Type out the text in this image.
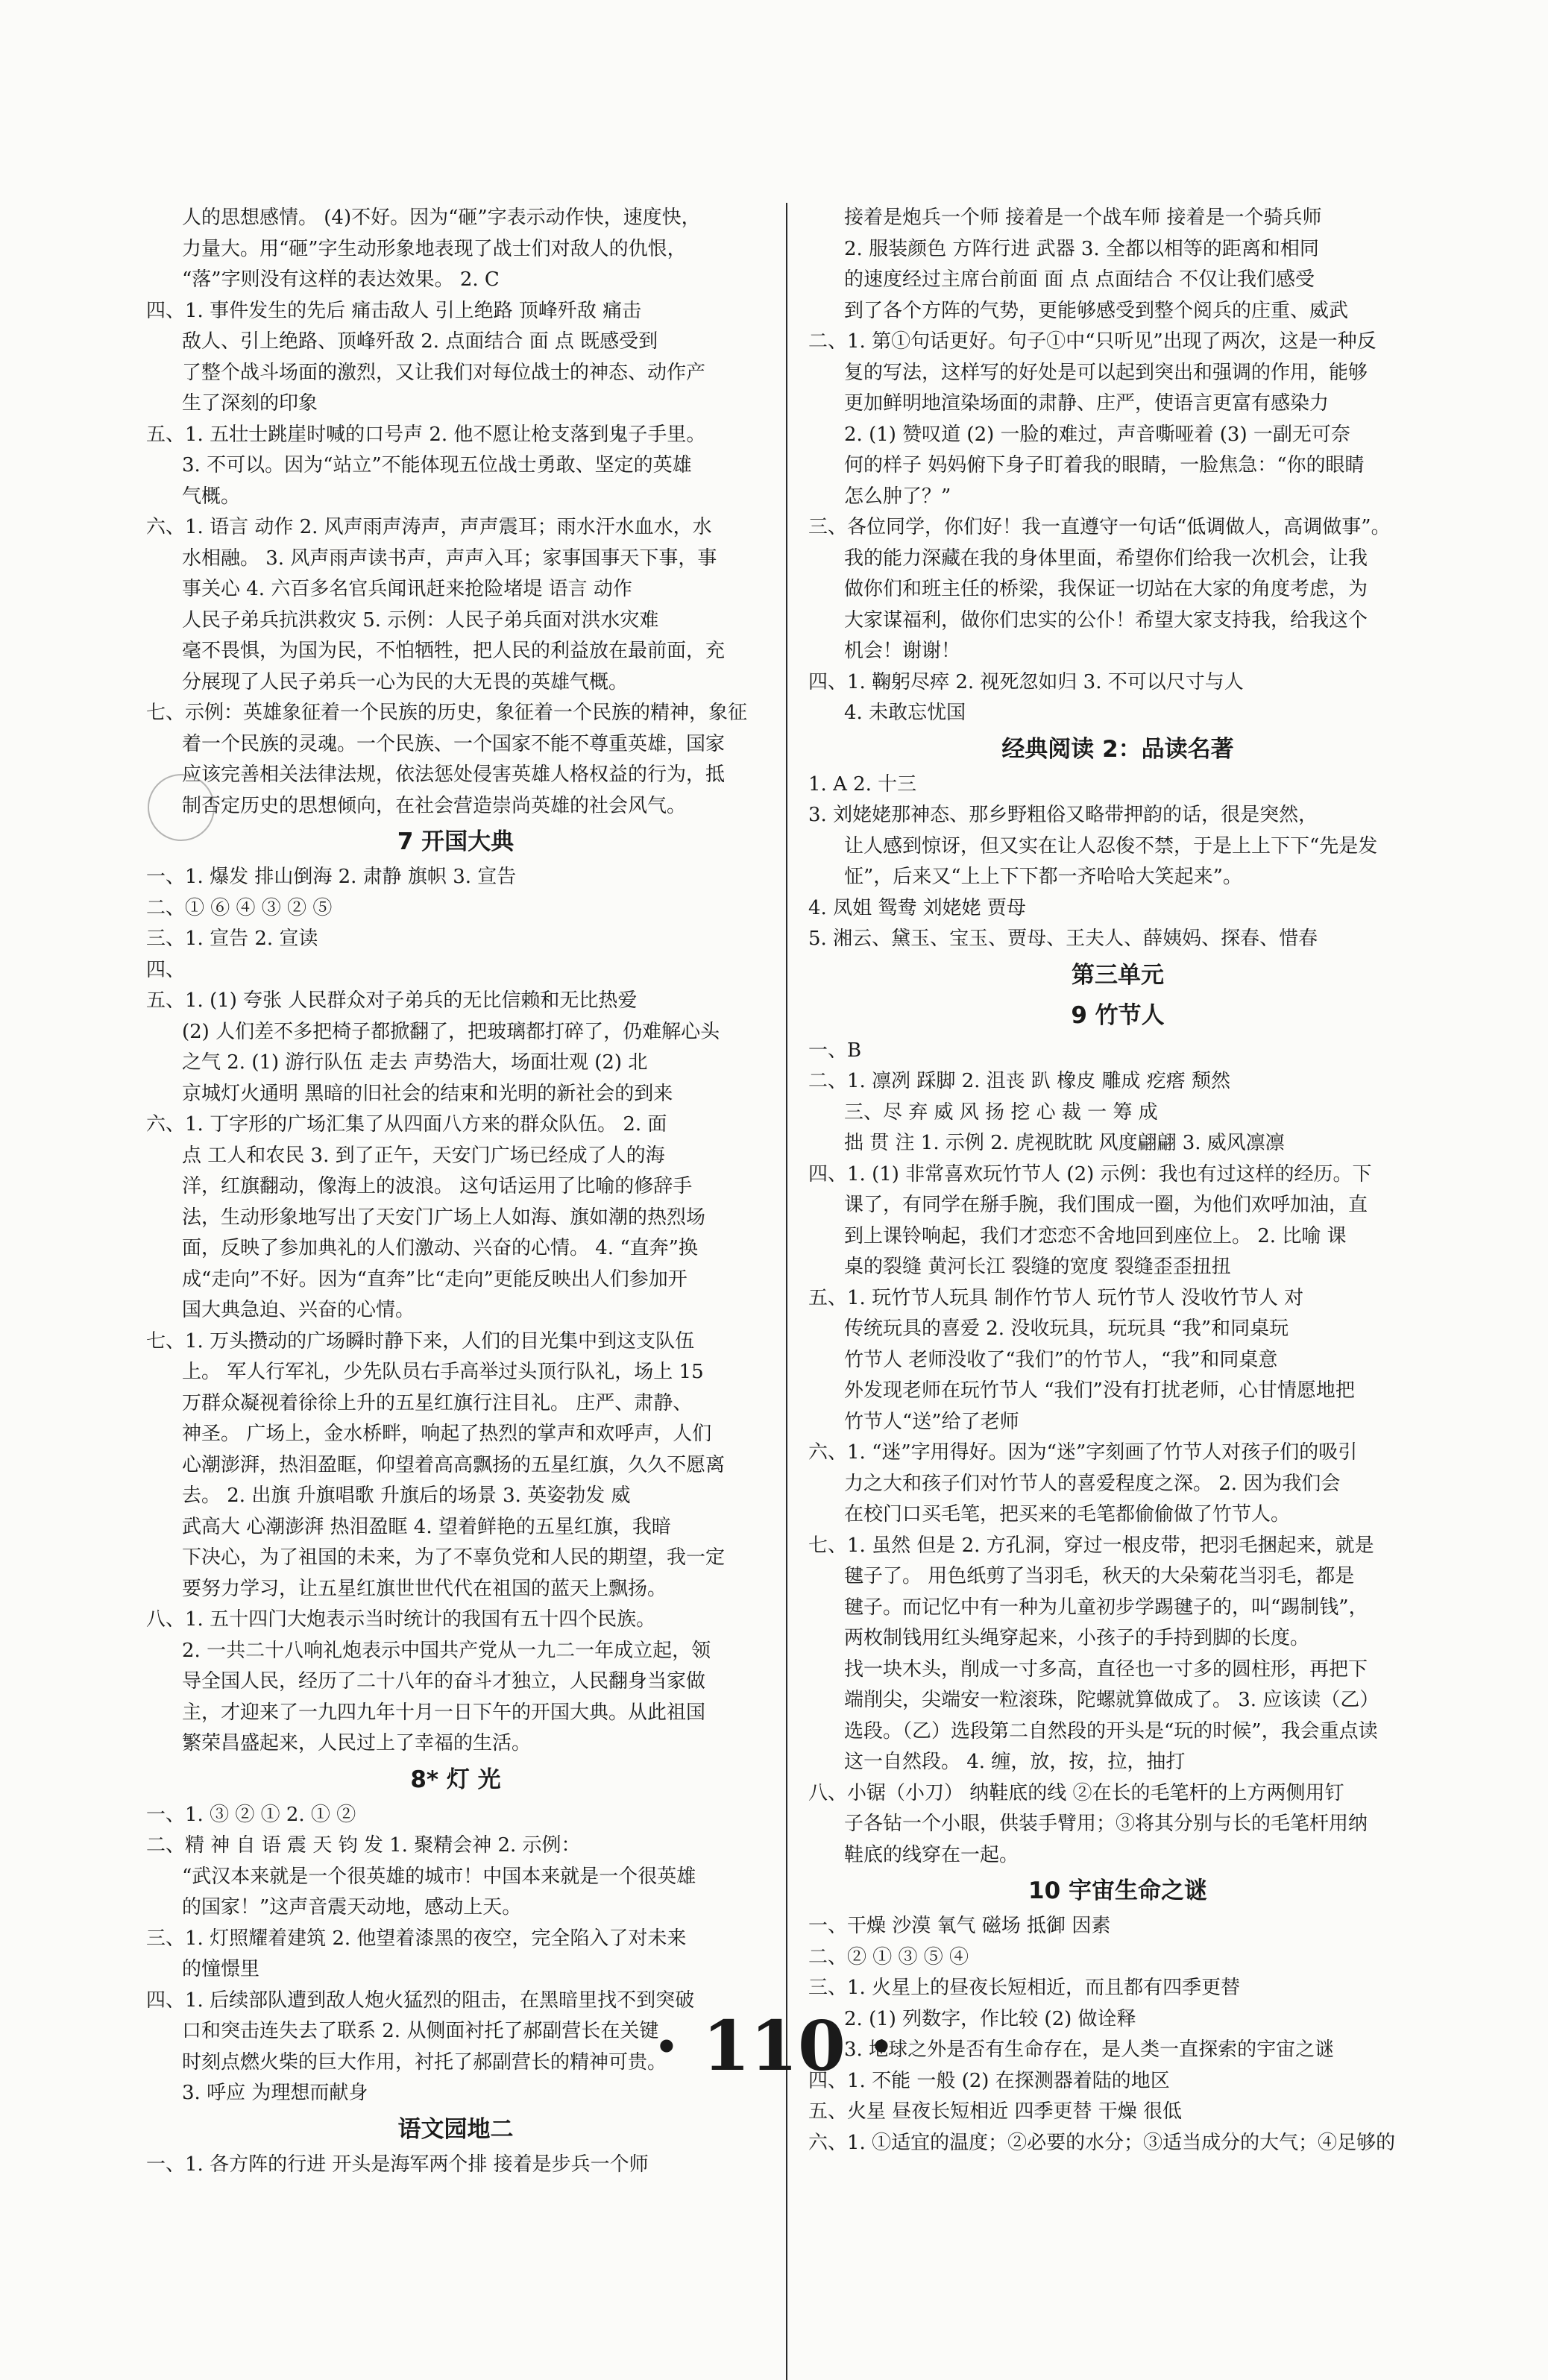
人的思想感情。 (4)不好。因为“砸”字表示动作快，速度快，
力量大。用“砸”字生动形象地表现了战士们对敌人的仇恨，
“落”字则没有这样的表达效果。 2. C
四、1. 事件发生的先后 痛击敌人 引上绝路 顶峰歼敌 痛击
敌人、引上绝路、顶峰歼敌 2. 点面结合 面 点 既感受到
了整个战斗场面的激烈，又让我们对每位战士的神态、动作产
生了深刻的印象
五、1. 五壮士跳崖时喊的口号声 2. 他不愿让枪支落到鬼子手里。
3. 不可以。因为“站立”不能体现五位战士勇敢、坚定的英雄
气概。
六、1. 语言 动作 2. 风声雨声涛声，声声震耳；雨水汗水血水，水
水相融。 3. 风声雨声读书声，声声入耳；家事国事天下事，事
事关心 4. 六百多名官兵闻讯赶来抢险堵堤 语言 动作
人民子弟兵抗洪救灾 5. 示例：人民子弟兵面对洪水灾难
毫不畏惧，为国为民，不怕牺牲，把人民的利益放在最前面，充
分展现了人民子弟兵一心为民的大无畏的英雄气概。
七、示例：英雄象征着一个民族的历史，象征着一个民族的精神，象征
着一个民族的灵魂。一个民族、一个国家不能不尊重英雄，国家
应该完善相关法律法规，依法惩处侵害英雄人格权益的行为，抵
制否定历史的思想倾向，在社会营造崇尚英雄的社会风气。
7 开国大典
一、1. 爆发 排山倒海 2. 肃静 旗帜 3. 宣告
二、① ⑥ ④ ③ ② ⑤
三、1. 宣告 2. 宣读
四、
五、1. (1) 夸张 人民群众对子弟兵的无比信赖和无比热爱
(2) 人们差不多把椅子都掀翻了，把玻璃都打碎了，仍难解心头
之气 2. (1) 游行队伍 走去 声势浩大，场面壮观 (2) 北
京城灯火通明 黑暗的旧社会的结束和光明的新社会的到来
六、1. 丁字形的广场汇集了从四面八方来的群众队伍。 2. 面
点 工人和农民 3. 到了正午，天安门广场已经成了人的海
洋，红旗翻动，像海上的波浪。 这句话运用了比喻的修辞手
法，生动形象地写出了天安门广场上人如海、旗如潮的热烈场
面，反映了参加典礼的人们激动、兴奋的心情。 4. “直奔”换
成“走向”不好。因为“直奔”比“走向”更能反映出人们参加开
国大典急迫、兴奋的心情。
七、1. 万头攒动的广场瞬时静下来，人们的目光集中到这支队伍
上。 军人行军礼，少先队员右手高举过头顶行队礼，场上 15
万群众凝视着徐徐上升的五星红旗行注目礼。 庄严、肃静、
神圣。 广场上，金水桥畔，响起了热烈的掌声和欢呼声，人们
心潮澎湃，热泪盈眶，仰望着高高飘扬的五星红旗，久久不愿离
去。 2. 出旗 升旗唱歌 升旗后的场景 3. 英姿勃发 威
武高大 心潮澎湃 热泪盈眶 4. 望着鲜艳的五星红旗，我暗
下决心，为了祖国的未来，为了不辜负党和人民的期望，我一定
要努力学习，让五星红旗世世代代在祖国的蓝天上飘扬。
八、1. 五十四门大炮表示当时统计的我国有五十四个民族。
2. 一共二十八响礼炮表示中国共产党从一九二一年成立起，领
导全国人民，经历了二十八年的奋斗才独立，人民翻身当家做
主，才迎来了一九四九年十月一日下午的开国大典。从此祖国
繁荣昌盛起来，人民过上了幸福的生活。
8* 灯 光
一、1. ③ ② ① 2. ① ②
二、精 神 自 语 震 天 钧 发 1. 聚精会神 2. 示例：
“武汉本来就是一个很英雄的城市！中国本来就是一个很英雄
的国家！”这声音震天动地，感动上天。
三、1. 灯照耀着建筑 2. 他望着漆黑的夜空，完全陷入了对未来
的憧憬里
四、1. 后续部队遭到敌人炮火猛烈的阻击，在黑暗里找不到突破
口和突击连失去了联系 2. 从侧面衬托了郝副营长在关键
时刻点燃火柴的巨大作用，衬托了郝副营长的精神可贵。
3. 呼应 为理想而献身
语文园地二
一、1. 各方阵的行进 开头是海军两个排 接着是步兵一个师
接着是炮兵一个师 接着是一个战车师 接着是一个骑兵师
2. 服装颜色 方阵行进 武器 3. 全都以相等的距离和相同
的速度经过主席台前面 面 点 点面结合 不仅让我们感受
到了各个方阵的气势，更能够感受到整个阅兵的庄重、威武
二、1. 第①句话更好。句子①中“只听见”出现了两次，这是一种反
复的写法，这样写的好处是可以起到突出和强调的作用，能够
更加鲜明地渲染场面的肃静、庄严，使语言更富有感染力
2. (1) 赞叹道 (2) 一脸的难过，声音嘶哑着 (3) 一副无可奈
何的样子 妈妈俯下身子盯着我的眼睛，一脸焦急：“你的眼睛
怎么肿了？”
三、各位同学，你们好！我一直遵守一句话“低调做人，高调做事”。
我的能力深藏在我的身体里面，希望你们给我一次机会，让我
做你们和班主任的桥梁，我保证一切站在大家的角度考虑，为
大家谋福利，做你们忠实的公仆！希望大家支持我，给我这个
机会！谢谢！
四、1. 鞠躬尽瘁 2. 视死忽如归 3. 不可以尺寸与人
4. 未敢忘忧国
经典阅读 2：品读名著
1. A 2. 十三
3. 刘姥姥那神态、那乡野粗俗又略带押韵的话，很是突然，
让人感到惊讶，但又实在让人忍俊不禁，于是上上下下“先是发
怔”，后来又“上上下下都一齐哈哈大笑起来”。
4. 凤姐 鸳鸯 刘姥姥 贾母
5. 湘云、黛玉、宝玉、贾母、王夫人、薛姨妈、探春、惜春
第三单元
9 竹节人
一、B
二、1. 凛冽 踩脚 2. 沮丧 趴 橡皮 雕成 疙瘩 颓然
三、尽 弃 威 风 扬 挖 心 裁 一 筹 成
拙 贯 注 1. 示例 2. 虎视眈眈 风度翩翩 3. 威风凛凛
四、1. (1) 非常喜欢玩竹节人 (2) 示例：我也有过这样的经历。下
课了，有同学在掰手腕，我们围成一圈，为他们欢呼加油，直
到上课铃响起，我们才恋恋不舍地回到座位上。 2. 比喻 课
桌的裂缝 黄河长江 裂缝的宽度 裂缝歪歪扭扭
五、1. 玩竹节人玩具 制作竹节人 玩竹节人 没收竹节人 对
传统玩具的喜爱 2. 没收玩具，玩玩具 “我”和同桌玩
竹节人 老师没收了“我们”的竹节人，“我”和同桌意
外发现老师在玩竹节人 “我们”没有打扰老师，心甘情愿地把
竹节人“送”给了老师
六、1. “迷”字用得好。因为“迷”字刻画了竹节人对孩子们的吸引
力之大和孩子们对竹节人的喜爱程度之深。 2. 因为我们会
在校门口买毛笔，把买来的毛笔都偷偷做了竹节人。
七、1. 虽然 但是 2. 方孔洞，穿过一根皮带，把羽毛捆起来，就是
毽子了。 用色纸剪了当羽毛，秋天的大朵菊花当羽毛，都是
毽子。而记忆中有一种为儿童初步学踢毽子的，叫“踢制钱”，
两枚制钱用红头绳穿起来，小孩子的手持到脚的长度。
找一块木头，削成一寸多高，直径也一寸多的圆柱形，再把下
端削尖，尖端安一粒滚珠，陀螺就算做成了。 3. 应该读（乙）
选段。（乙）选段第二自然段的开头是“玩的时候”，我会重点读
这一自然段。 4. 缠，放，按，拉，抽打
八、小锯（小刀） 纳鞋底的线 ②在长的毛笔杆的上方两侧用钉
子各钻一个小眼，供装手臂用；③将其分别与长的毛笔杆用纳
鞋底的线穿在一起。
10 宇宙生命之谜
一、干燥 沙漠 氧气 磁场 抵御 因素
二、② ① ③ ⑤ ④
三、1. 火星上的昼夜长短相近，而且都有四季更替
2. (1) 列数字，作比较 (2) 做诠释
3. 地球之外是否有生命存在，是人类一直探索的宇宙之谜
四、1. 不能 一般 (2) 在探测器着陆的地区
五、火星 昼夜长短相近 四季更替 干燥 很低
六、1. ①适宜的温度；②必要的水分；③适当成分的大气；④足够的
· 110 ·
